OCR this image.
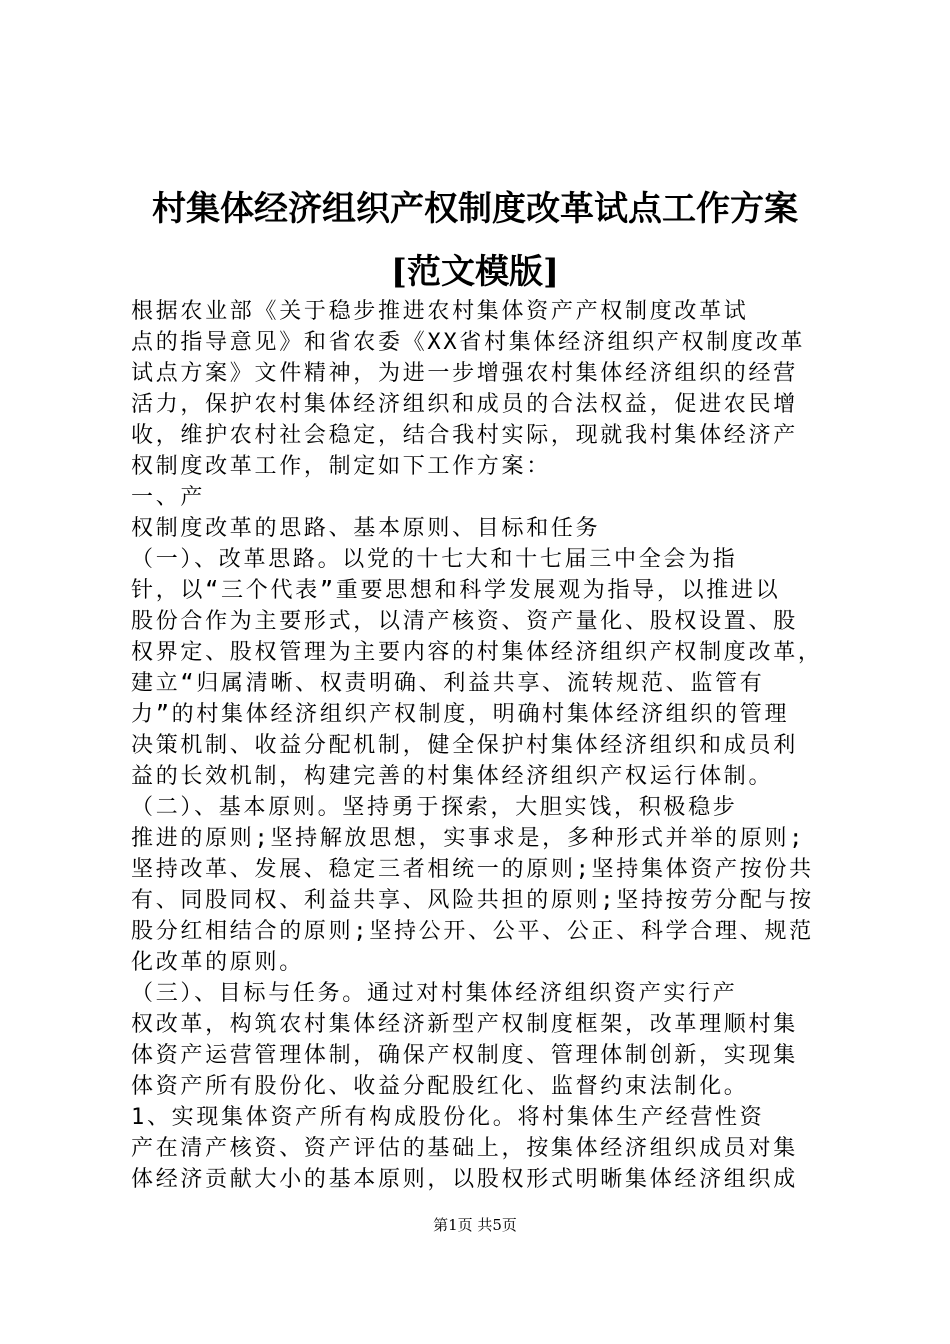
村集体经济组织产权制度改革试点工作方案
[范文模版]
根据农业部《关于稳步推进农村集体资产产权制度改革试
点的指导意见》和省农委《XX省村集体经济组织产权制度改革
试点方案》文件精神，为进一步增强农村集体经济组织的经营
活力，保护农村集体经济组织和成员的合法权益，促进农民增
收，维护农村社会稳定，结合我村实际，现就我村集体经济产
权制度改革工作，制定如下工作方案：
一、产
权制度改革的思路、基本原则、目标和任务
（一）、改革思路。以党的十七大和十七届三中全会为指
针，以“三个代表”重要思想和科学发展观为指导，以推进以
股份合作为主要形式，以清产核资、资产量化、股权设置、股
权界定、股权管理为主要内容的村集体经济组织产权制度改革，
建立“归属清晰、权责明确、利益共享、流转规范、监管有
力”的村集体经济组织产权制度，明确村集体经济组织的管理
决策机制、收益分配机制，健全保护村集体经济组织和成员利
益的长效机制，构建完善的村集体经济组织产权运行体制。
（二）、基本原则。坚持勇于探索，大胆实饯，积极稳步
推进的原则;坚持解放思想，实事求是，多种形式并举的原则;
坚持改革、发展、稳定三者相统一的原则;坚持集体资产按份共
有、同股同权、利益共享、风险共担的原则;坚持按劳分配与按
股分红相结合的原则;坚持公开、公平、公正、科学合理、规范
化改革的原则。
（三）、目标与任务。通过对村集体经济组织资产实行产
权改革，构筑农村集体经济新型产权制度框架，改革理顺村集
体资产运营管理体制，确保产权制度、管理体制创新，实现集
体资产所有股份化、收益分配股红化、监督约束法制化。
1、实现集体资产所有构成股份化。将村集体生产经营性资
产在清产核资、资产评估的基础上，按集体经济组织成员对集
体经济贡献大小的基本原则，以股权形式明晰集体经济组织成
第1页 共5页
